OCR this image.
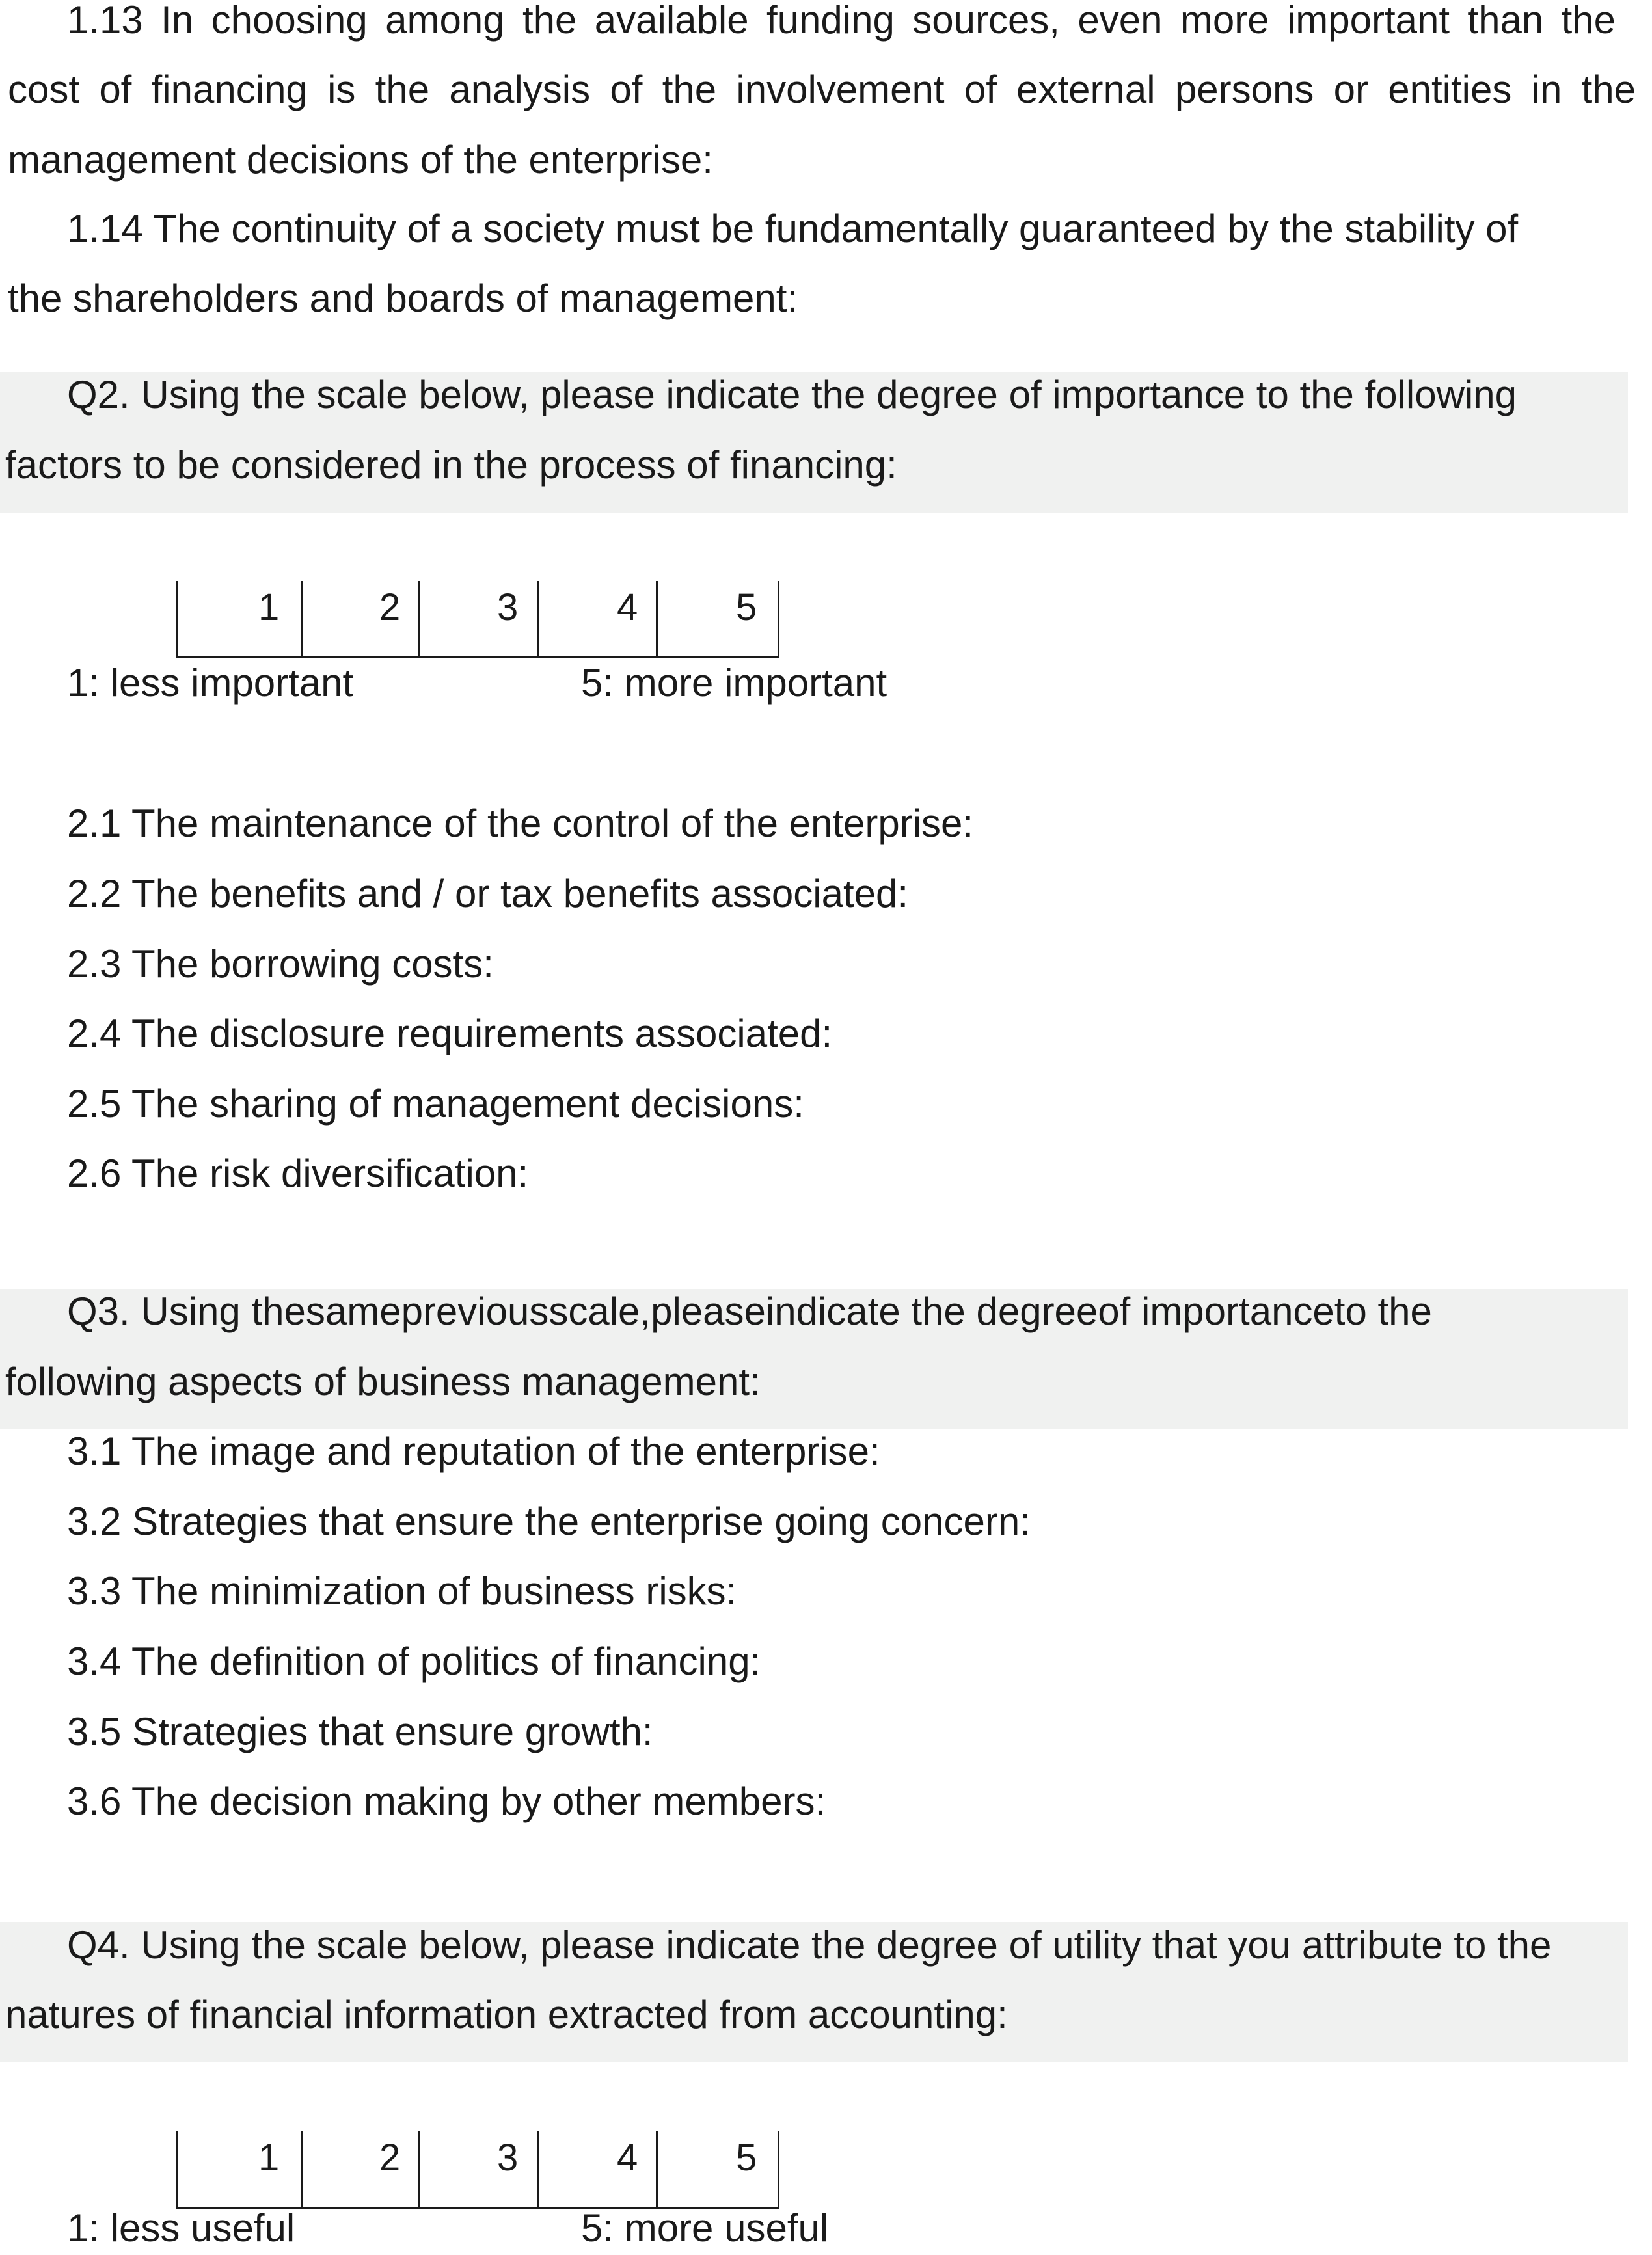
1.13 In choosing among the available funding sources, even more important than the
cost of financing is the analysis of the involvement of external persons or entities in the
management decisions of the enterprise:
1.14 The continuity of a society must be fundamentally guaranteed by the stability of
the shareholders and boards of management:
Q2. Using the scale below, please indicate the degree of importance to the following
factors to be considered in the process of financing:
1	2	3	4	5
1: less important	5: more important
2.1 The maintenance of the control of the enterprise:
2.2 The benefits and / or tax benefits associated:
2.3 The borrowing costs:
2.4 The disclosure requirements associated:
2.5 The sharing of management decisions:
2.6 The risk diversification:
Q3. Using thesamepreviousscale,pleaseindicate the degreeof importanceto the
following aspects of business management:
3.1 The image and reputation of the enterprise:
3.2 Strategies that ensure the enterprise going concern:
3.3 The minimization of business risks:
3.4 The definition of politics of financing:
3.5 Strategies that ensure growth:
3.6 The decision making by other members:
Q4. Using the scale below, please indicate the degree of utility that you attribute to the
natures of financial information extracted from accounting:
1	2	3	4	5
1: less useful	5: more useful
